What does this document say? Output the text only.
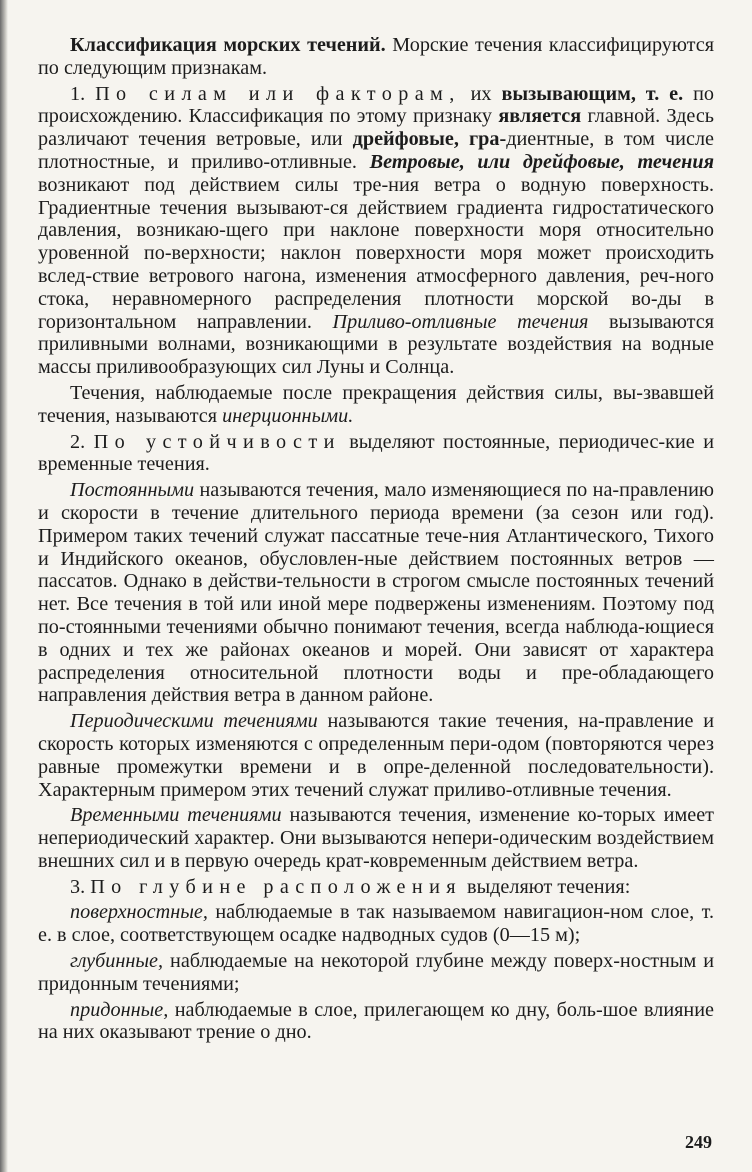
Классификация морских течений. Морские течения классифицируются по следующим признакам.

1. По силам или факторам, их вызывающим, т. е. по происхождению. Классификация по этому признаку является главной. Здесь различают течения ветровые, или дрейфовые, гра-диентные, в том числе плотностные, и приливо-отливные. Ветровые, или дрейфовые, течения возникают под действием силы тре-ния ветра о водную поверхность. Градиентные течения вызывают-ся действием градиента гидростатического давления, возникаю-щего при наклоне поверхности моря относительно уровенной по-верхности; наклон поверхности моря может происходить вслед-ствие ветрового нагона, изменения атмосферного давления, реч-ного стока, неравномерного распределения плотности морской во-ды в горизонтальном направлении. Приливо-отливные течения вызываются приливными волнами, возникающими в результате воздействия на водные массы приливообразующих сил Луны и Солнца.

Течения, наблюдаемые после прекращения действия силы, вы-звавшей течения, называются инерционными.

2. По устойчивости выделяют постоянные, периодичес-кие и временные течения.

Постоянными называются течения, мало изменяющиеся по на-правлению и скорости в течение длительного периода времени (за сезон или год). Примером таких течений служат пассатные тече-ния Атлантического, Тихого и Индийского океанов, обусловлен-ные действием постоянных ветров — пассатов. Однако в действи-тельности в строгом смысле постоянных течений нет. Все течения в той или иной мере подвержены изменениям. Поэтому под по-стоянными течениями обычно понимают течения, всегда наблюда-ющиеся в одних и тех же районах океанов и морей. Они зависят от характера распределения относительной плотности воды и пре-обладающего направления действия ветра в данном районе.

Периодическими течениями называются такие течения, на-правление и скорость которых изменяются с определенным пери-одом (повторяются через равные промежутки времени и в опре-деленной последовательности). Характерным примером этих течений служат приливо-отливные течения.

Временными течениями называются течения, изменение ко-торых имеет непериодический характер. Они вызываются непери-одическим воздействием внешних сил и в первую очередь крат-ковременным действием ветра.

3. По глубине расположения выделяют течения:

поверхностные, наблюдаемые в так называемом навигацион-ном слое, т. е. в слое, соответствующем осадке надводных судов (0—15 м);

глубинные, наблюдаемые на некоторой глубине между поверх-ностным и придонным течениями;

придонные, наблюдаемые в слое, прилегающем ко дну, боль-шое влияние на них оказывают трение о дно.

249
